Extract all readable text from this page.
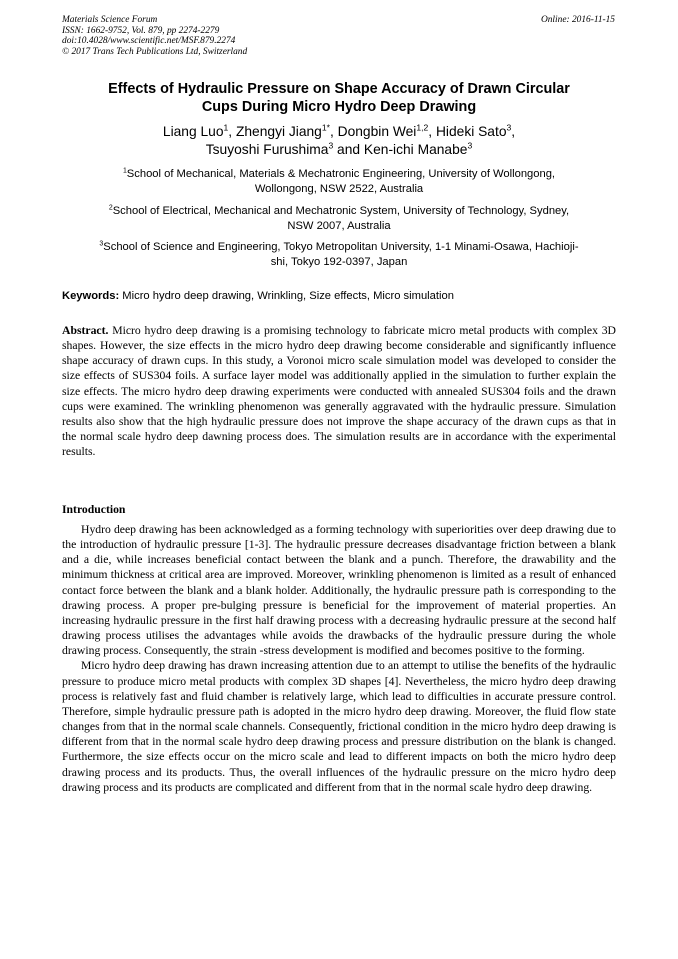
Materials Science Forum
ISSN: 1662-9752, Vol. 879, pp 2274-2279
doi:10.4028/www.scientific.net/MSF.879.2274
© 2017 Trans Tech Publications Ltd, Switzerland
Online: 2016-11-15
Effects of Hydraulic Pressure on Shape Accuracy of Drawn Circular
Cups During Micro Hydro Deep Drawing
Liang Luo$^1$, Zhengyi Jiang$^{1*}$, Dongbin Wei$^{1,2}$, Hideki Sato$^3$,
Tsuyoshi Furushima$^3$ and Ken-ichi Manabe$^3$
$^1$School of Mechanical, Materials & Mechatronic Engineering, University of Wollongong,
Wollongong, NSW 2522, Australia
$^2$School of Electrical, Mechanical and Mechatronic System, University of Technology, Sydney,
NSW 2007, Australia
$^3$School of Science and Engineering, Tokyo Metropolitan University, 1-1 Minami-Osawa, Hachioji-
shi, Tokyo 192-0397, Japan
Keywords: Micro hydro deep drawing, Wrinkling, Size effects, Micro simulation
Abstract. Micro hydro deep drawing is a promising technology to fabricate micro metal products with complex 3D shapes. However, the size effects in the micro hydro deep drawing become considerable and significantly influence shape accuracy of drawn cups. In this study, a Voronoi micro scale simulation model was developed to consider the size effects of SUS304 foils. A surface layer model was additionally applied in the simulation to further explain the size effects. The micro hydro deep drawing experiments were conducted with annealed SUS304 foils and the drawn cups were examined. The wrinkling phenomenon was generally aggravated with the hydraulic pressure. Simulation results also show that the high hydraulic pressure does not improve the shape accuracy of the drawn cups as that in the normal scale hydro deep dawning process does. The simulation results are in accordance with the experimental results.
Introduction

Hydro deep drawing has been acknowledged as a forming technology with superiorities over deep drawing due to the introduction of hydraulic pressure [1-3]. The hydraulic pressure decreases disadvantage friction between a blank and a die, while increases beneficial contact between the blank and a punch. Therefore, the drawability and the minimum thickness at critical area are improved. Moreover, wrinkling phenomenon is limited as a result of enhanced contact force between the blank and a blank holder. Additionally, the hydraulic pressure path is corresponding to the drawing process. A proper pre-bulging pressure is beneficial for the improvement of material properties. An increasing hydraulic pressure in the first half drawing process with a decreasing hydraulic pressure at the second half drawing process utilises the advantages while avoids the drawbacks of the hydraulic pressure during the whole drawing process. Consequently, the strain -stress development is modified and becomes positive to the forming.

Micro hydro deep drawing has drawn increasing attention due to an attempt to utilise the benefits of the hydraulic pressure to produce micro metal products with complex 3D shapes [4]. Nevertheless, the micro hydro deep drawing process is relatively fast and fluid chamber is relatively large, which lead to difficulties in accurate pressure control. Therefore, simple hydraulic pressure path is adopted in the micro hydro deep drawing. Moreover, the fluid flow state changes from that in the normal scale channels. Consequently, frictional condition in the micro hydro deep drawing is different from that in the normal scale hydro deep drawing process and pressure distribution on the blank is changed. Furthermore, the size effects occur on the micro scale and lead to different impacts on both the micro hydro deep drawing process and its products. Thus, the overall influences of the hydraulic pressure on the micro hydro deep drawing process and its products are complicated and different from that in the normal scale hydro deep drawing.
